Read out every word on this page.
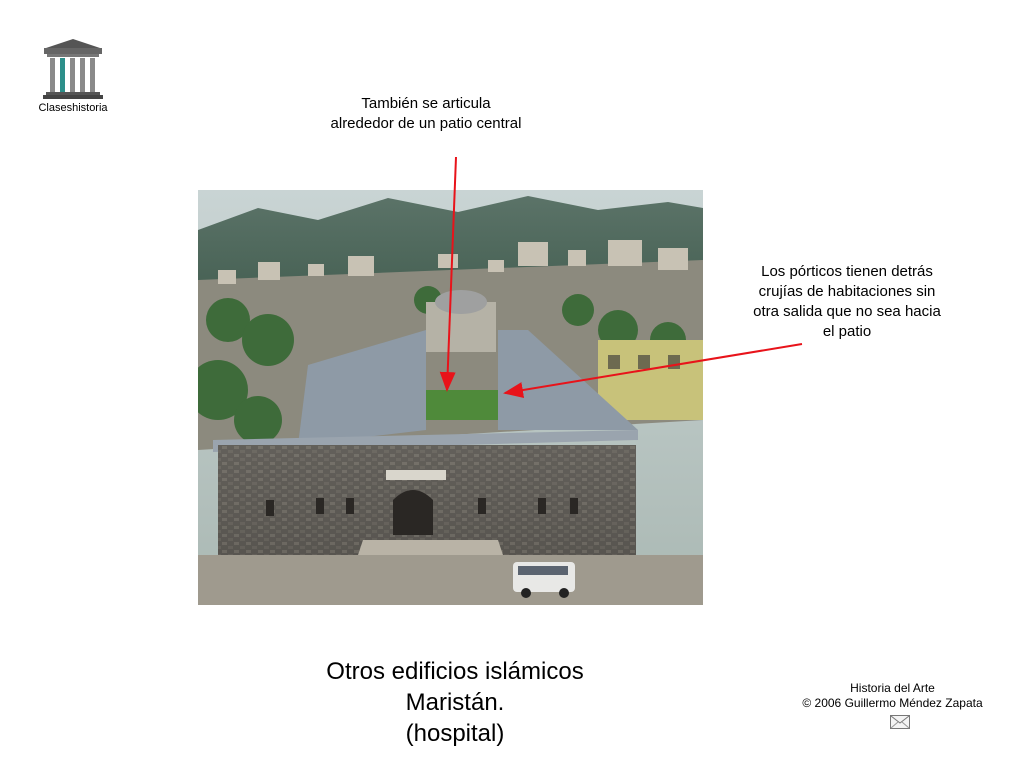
Claseshistoria	También se articula
alrededor de un patio central
Los pórticos tienen detrás
crujías de habitaciones sin
otra salida que no sea hacia
el patio
Otros edificios islámicos
Maristán.
(hospital)
Historia del Arte
© 2006 Guillermo Méndez Zapata
